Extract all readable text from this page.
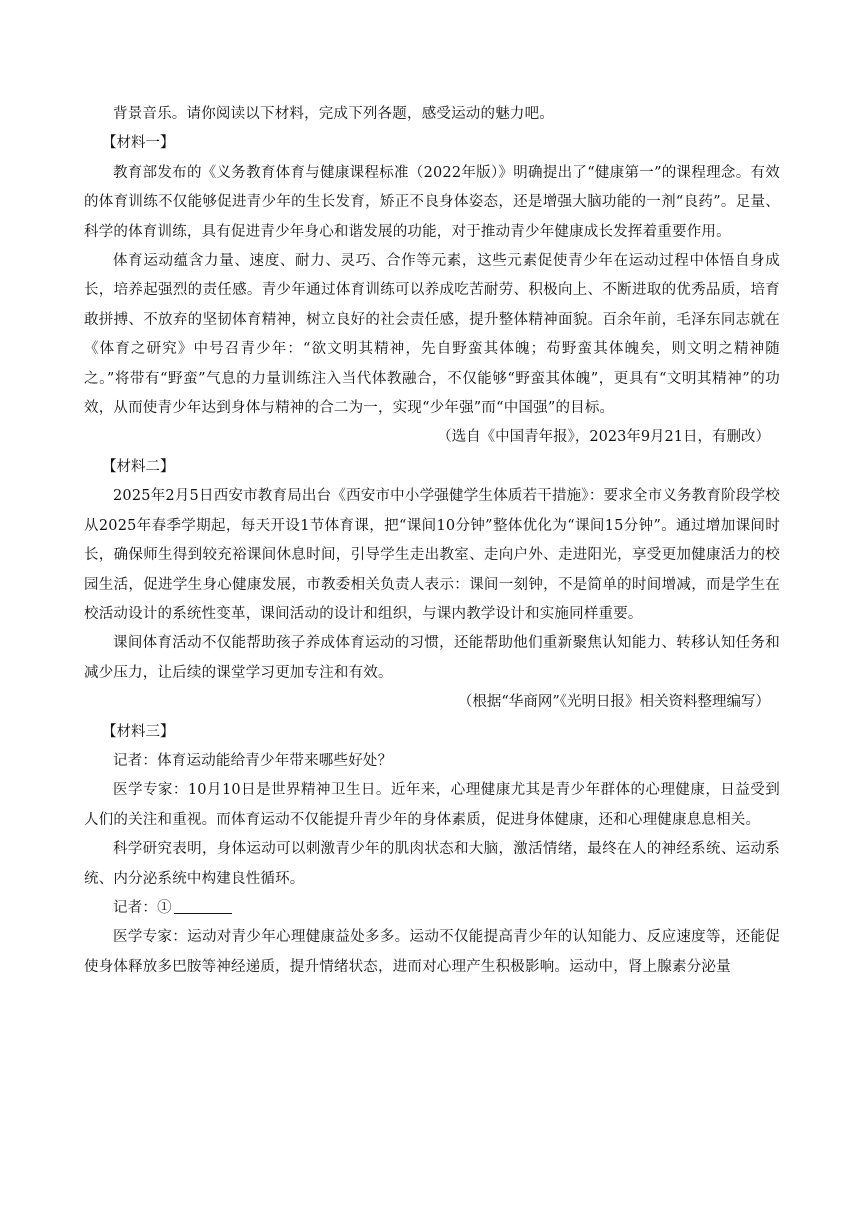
背景音乐。请你阅读以下材料，完成下列各题，感受运动的魅力吧。

【材料一】

教育部发布的《义务教育体育与健康课程标准（2022年版）》明确提出了“健康第一”的课程理念。有效的体育训练不仅能够促进青少年的生长发育，矫正不良身体姿态，还是增强大脑功能的一剂“良药”。足量、科学的体育训练，具有促进青少年身心和谐发展的功能，对于推动青少年健康成长发挥着重要作用。

体育运动蕴含力量、速度、耐力、灵巧、合作等元素，这些元素促使青少年在运动过程中体悟自身成长，培养起强烈的责任感。青少年通过体育训练可以养成吃苦耐劳、积极向上、不断进取的优秀品质，培育敢拼搏、不放弃的坚韧体育精神，树立良好的社会责任感，提升整体精神面貌。百余年前，毛泽东同志就在《体育之研究》中号召青少年：“欲文明其精神，先自野蛮其体魄；苟野蛮其体魄矣，则文明之精神随之。”将带有“野蛮”气息的力量训练注入当代体教融合，不仅能够“野蛮其体魄”，更具有“文明其精神”的功效，从而使青少年达到身体与精神的合二为一，实现“少年强”而“中国强”的目标。

（选自《中国青年报》，2023年9月21日，有删改）

【材料二】

2025年2月5日西安市教育局出台《西安市中小学强健学生体质若干措施》：要求全市义务教育阶段学校从2025年春季学期起，每天开设1节体育课，把“课间10分钟”整体优化为“课间15分钟”。通过增加课间时长，确保师生得到较充裕课间休息时间，引导学生走出教室、走向户外、走进阳光，享受更加健康活力的校园生活，促进学生身心健康发展，市教委相关负责人表示：课间一刻钟，不是简单的时间增减，而是学生在校活动设计的系统性变革，课间活动的设计和组织，与课内教学设计和实施同样重要。

课间体育活动不仅能帮助孩子养成体育运动的习惯，还能帮助他们重新聚焦认知能力、转移认知任务和减少压力，让后续的课堂学习更加专注和有效。

（根据“华商网”《光明日报》相关资料整理编写）

【材料三】

记者：体育运动能给青少年带来哪些好处？

医学专家：10月10日是世界精神卫生日。近年来，心理健康尤其是青少年群体的心理健康，日益受到人们的关注和重视。而体育运动不仅能提升青少年的身体素质，促进身体健康，还和心理健康息息相关。

科学研究表明，身体运动可以刺激青少年的肌肉状态和大脑，激活情绪，最终在人的神经系统、运动系统、内分泌系统中构建良性循环。

记者：①

医学专家：运动对青少年心理健康益处多多。运动不仅能提高青少年的认知能力、反应速度等，还能促使身体释放多巴胺等神经递质，提升情绪状态，进而对心理产生积极影响。运动中，肾上腺素分泌量
